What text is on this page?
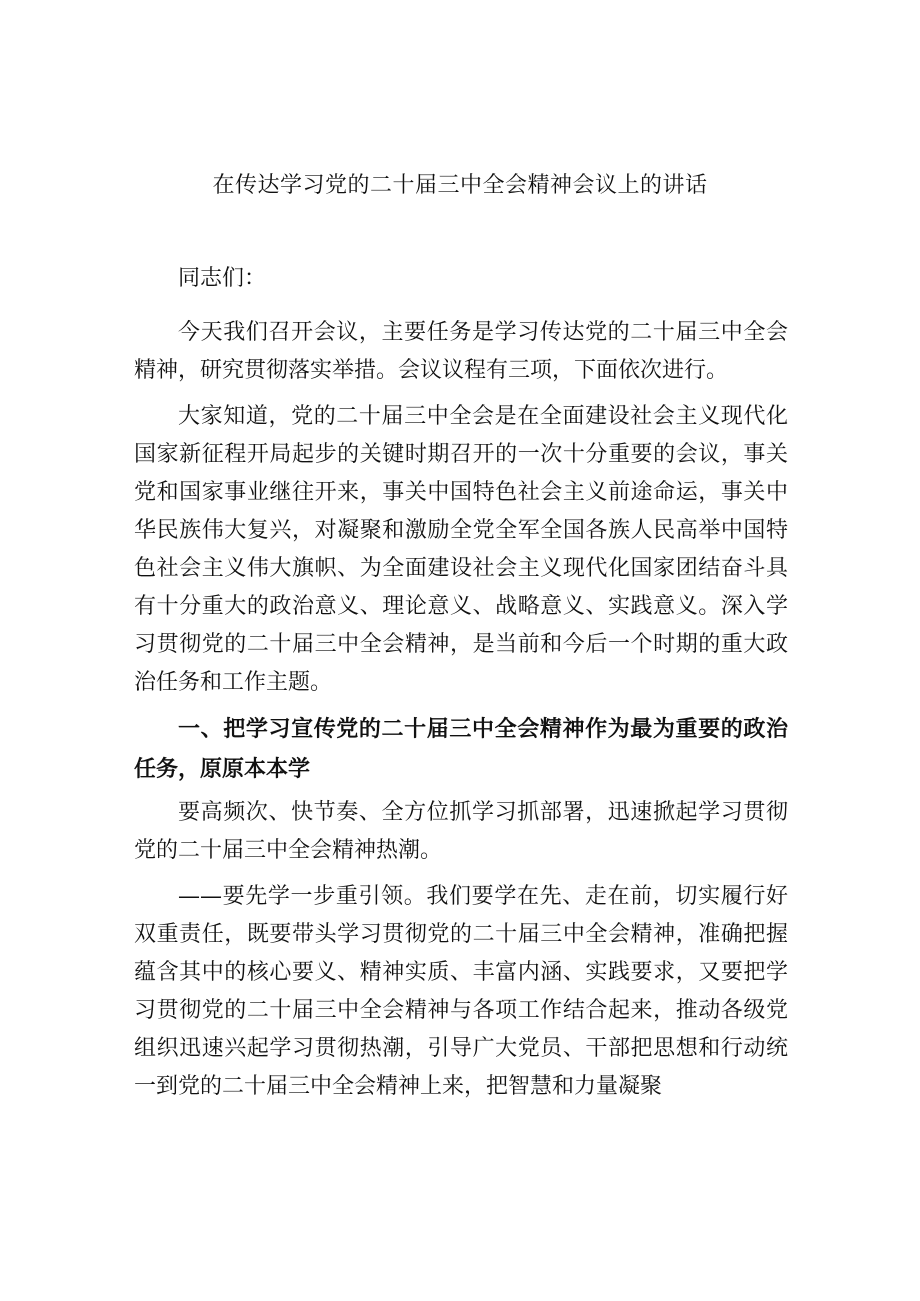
在传达学习党的二十届三中全会精神会议上的讲话

同志们：

今天我们召开会议，主要任务是学习传达党的二十届三中全会精神，研究贯彻落实举措。会议议程有三项，下面依次进行。

大家知道，党的二十届三中全会是在全面建设社会主义现代化国家新征程开局起步的关键时期召开的一次十分重要的会议，事关党和国家事业继往开来，事关中国特色社会主义前途命运，事关中华民族伟大复兴，对凝聚和激励全党全军全国各族人民高举中国特色社会主义伟大旗帜、为全面建设社会主义现代化国家团结奋斗具有十分重大的政治意义、理论意义、战略意义、实践意义。深入学习贯彻党的二十届三中全会精神，是当前和今后一个时期的重大政治任务和工作主题。

一、把学习宣传党的二十届三中全会精神作为最为重要的政治任务，原原本本学

要高频次、快节奏、全方位抓学习抓部署，迅速掀起学习贯彻党的二十届三中全会精神热潮。

——要先学一步重引领。我们要学在先、走在前，切实履行好双重责任，既要带头学习贯彻党的二十届三中全会精神，准确把握蕴含其中的核心要义、精神实质、丰富内涵、实践要求，又要把学习贯彻党的二十届三中全会精神与各项工作结合起来，推动各级党组织迅速兴起学习贯彻热潮，引导广大党员、干部把思想和行动统一到党的二十届三中全会精神上来，把智慧和力量凝聚
